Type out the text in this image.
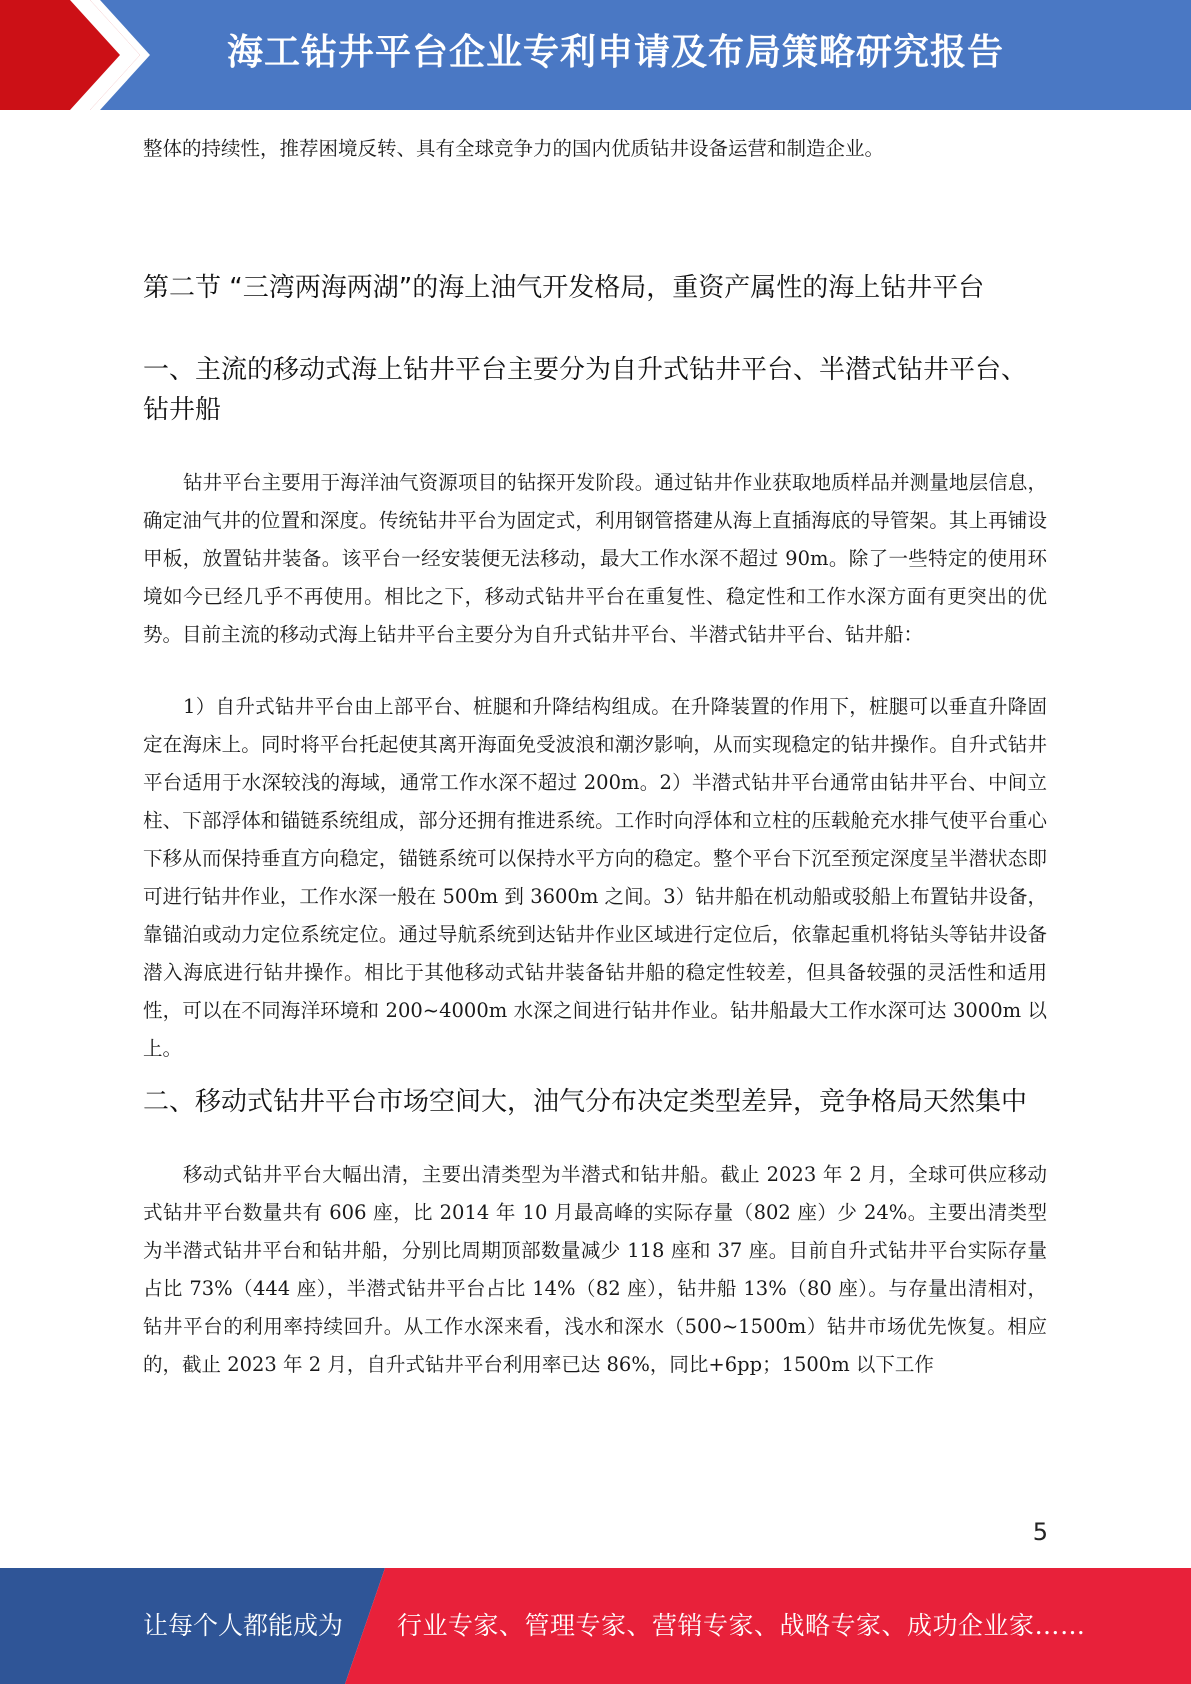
海工钻井平台企业专利申请及布局策略研究报告

整体的持续性，推荐困境反转、具有全球竞争力的国内优质钻井设备运营和制造企业。

第二节 “三湾两海两湖”的海上油气开发格局，重资产属性的海上钻井平台
一、主流的移动式海上钻井平台主要分为自升式钻井平台、半潜式钻井平台、钻井船

钻井平台主要用于海洋油气资源项目的钻探开发阶段。通过钻井作业获取地质样品并测量地层信息，确定油气井的位置和深度。传统钻井平台为固定式，利用钢管搭建从海上直插海底的导管架。其上再铺设甲板，放置钻井装备。该平台一经安装便无法移动，最大工作水深不超过 90m。除了一些特定的使用环境如今已经几乎不再使用。相比之下，移动式钻井平台在重复性、稳定性和工作水深方面有更突出的优势。目前主流的移动式海上钻井平台主要分为自升式钻井平台、半潜式钻井平台、钻井船：

1）自升式钻井平台由上部平台、桩腿和升降结构组成。在升降装置的作用下，桩腿可以垂直升降固定在海床上。同时将平台托起使其离开海面免受波浪和潮汐影响，从而实现稳定的钻井操作。自升式钻井平台适用于水深较浅的海域，通常工作水深不超过 200m。2）半潜式钻井平台通常由钻井平台、中间立柱、下部浮体和锚链系统组成，部分还拥有推进系统。工作时向浮体和立柱的压载舱充水排气使平台重心下移从而保持垂直方向稳定，锚链系统可以保持水平方向的稳定。整个平台下沉至预定深度呈半潜状态即可进行钻井作业，工作水深一般在 500m 到 3600m 之间。3）钻井船在机动船或驳船上布置钻井设备，靠锚泊或动力定位系统定位。通过导航系统到达钻井作业区域进行定位后，依靠起重机将钻头等钻井设备潜入海底进行钻井操作。相比于其他移动式钻井装备钻井船的稳定性较差，但具备较强的灵活性和适用性，可以在不同海洋环境和 200~4000m 水深之间进行钻井作业。钻井船最大工作水深可达 3000m 以上。

二、移动式钻井平台市场空间大，油气分布决定类型差异，竞争格局天然集中

移动式钻井平台大幅出清，主要出清类型为半潜式和钻井船。截止 2023 年 2 月，全球可供应移动式钻井平台数量共有 606 座，比 2014 年 10 月最高峰的实际存量（802 座）少 24%。主要出清类型为半潜式钻井平台和钻井船，分别比周期顶部数量减少 118 座和 37 座。目前自升式钻井平台实际存量占比 73%（444 座），半潜式钻井平台占比 14%（82 座），钻井船 13%（80 座）。与存量出清相对，钻井平台的利用率持续回升。从工作水深来看，浅水和深水（500~1500m）钻井市场优先恢复。相应的，截止 2023 年 2 月，自升式钻井平台利用率已达 86%，同比+6pp；1500m 以下工作

5
让每个人都能成为 行业专家、管理专家、营销专家、战略专家、成功企业家……
